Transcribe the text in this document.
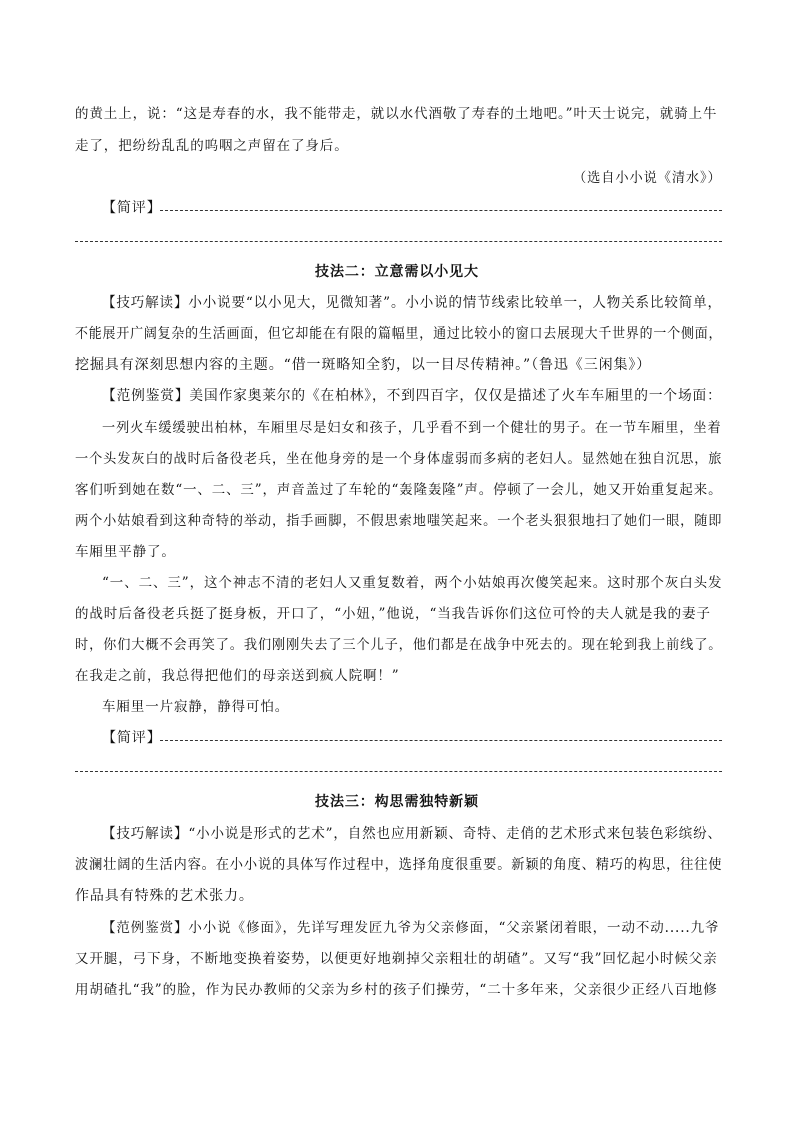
的黄土上，说：“这是寿春的水，我不能带走，就以水代酒敬了寿春的土地吧。”叶天士说完，就骑上牛

走了，把纷纷乱乱的呜咽之声留在了身后。

（选自小小说《清水》）

【简评】

技法二：立意需以小见大

【技巧解读】小小说要“以小见大，见微知著”。小小说的情节线索比较单一，人物关系比较简单，

不能展开广阔复杂的生活画面，但它却能在有限的篇幅里，通过比较小的窗口去展现大千世界的一个侧面，

挖掘具有深刻思想内容的主题。“借一斑略知全豹，以一目尽传精神。”（鲁迅《三闲集》）

【范例鉴赏】美国作家奥莱尔的《在柏林》，不到四百字，仅仅是描述了火车车厢里的一个场面：

一列火车缓缓驶出柏林，车厢里尽是妇女和孩子，几乎看不到一个健壮的男子。在一节车厢里，坐着

一个头发灰白的战时后备役老兵，坐在他身旁的是一个身体虚弱而多病的老妇人。显然她在独自沉思，旅

客们听到她在数“一、二、三”，声音盖过了车轮的“轰隆轰隆”声。停顿了一会儿，她又开始重复起来。

两个小姑娘看到这种奇特的举动，指手画脚，不假思索地嗤笑起来。一个老头狠狠地扫了她们一眼，随即

车厢里平静了。

“一、二、三”，这个神志不清的老妇人又重复数着，两个小姑娘再次傻笑起来。这时那个灰白头发

的战时后备役老兵挺了挺身板，开口了，“小妞，”他说，“当我告诉你们这位可怜的夫人就是我的妻子

时，你们大概不会再笑了。我们刚刚失去了三个儿子，他们都是在战争中死去的。现在轮到我上前线了。

在我走之前，我总得把他们的母亲送到疯人院啊！”

车厢里一片寂静，静得可怕。

【简评】

技法三：构思需独特新颖

【技巧解读】“小小说是形式的艺术”，自然也应用新颖、奇特、走俏的艺术形式来包装色彩缤纷、

波澜壮阔的生活内容。在小小说的具体写作过程中，选择角度很重要。新颖的角度、精巧的构思，往往使

作品具有特殊的艺术张力。

【范例鉴赏】小小说《修面》，先详写理发匠九爷为父亲修面，“父亲紧闭着眼，一动不动.....九爷

又开腿，弓下身，不断地变换着姿势，以便更好地剃掉父亲粗壮的胡碴”。又写“我”回忆起小时候父亲

用胡碴扎“我”的脸，作为民办教师的父亲为乡村的孩子们操劳，“二十多年来，父亲很少正经八百地修
